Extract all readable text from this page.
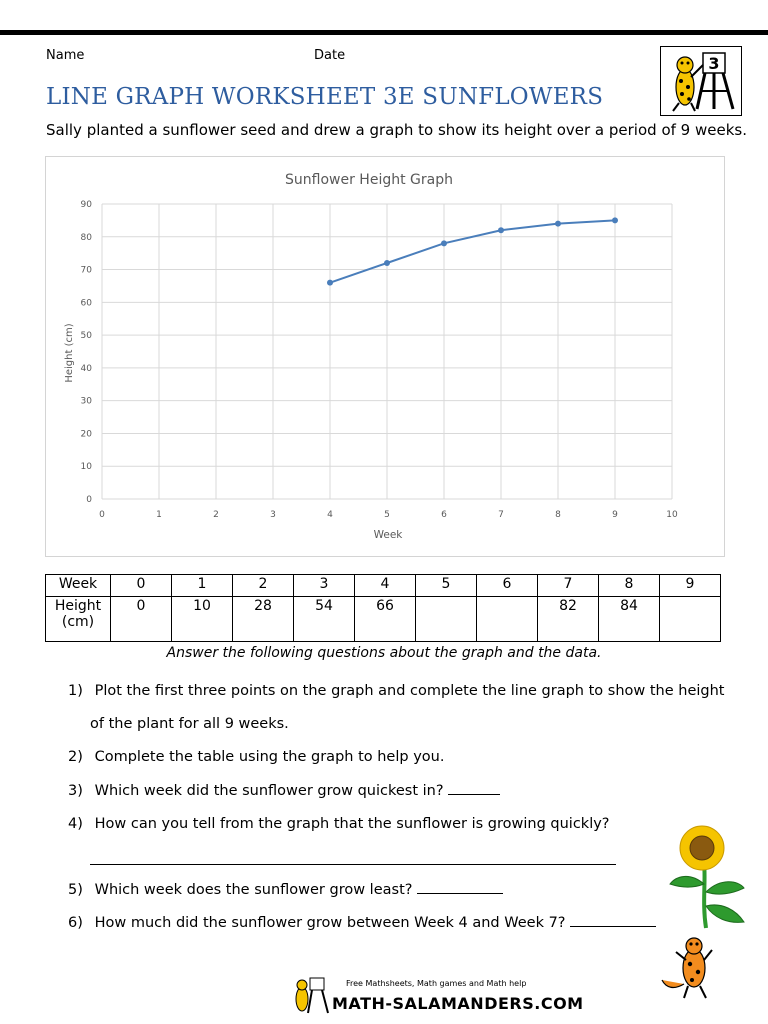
Name	Date
LINE GRAPH WORKSHEET 3E SUNFLOWERS
3
Sally planted a sunflower seed and drew a graph to show its height over a period of 9 weeks.
Sunflower Height Graph
0
10
20
30
40
50
60
70
80
90
0	1	2	3	4	5	6	7	8	9	10
Week
Height (cm)
Week	0	1	2	3	4	5	6	7	8	9

Height
(cm)	0	10	28	54	66			82	84	
Answer the following questions about the graph and the data.
1) Plot the first three points on the graph and complete the line graph to show the height
of the plant for all 9 weeks.
2) Complete the table using the graph to help you.
3) Which week did the sunflower grow quickest in?
4) How can you tell from the graph that the sunflower is growing quickly?
5) Which week does the sunflower grow least?
6) How much did the sunflower grow between Week 4 and Week 7?
Free Mathsheets, Math games and Math help
MATH-SALAMANDERS.COM
